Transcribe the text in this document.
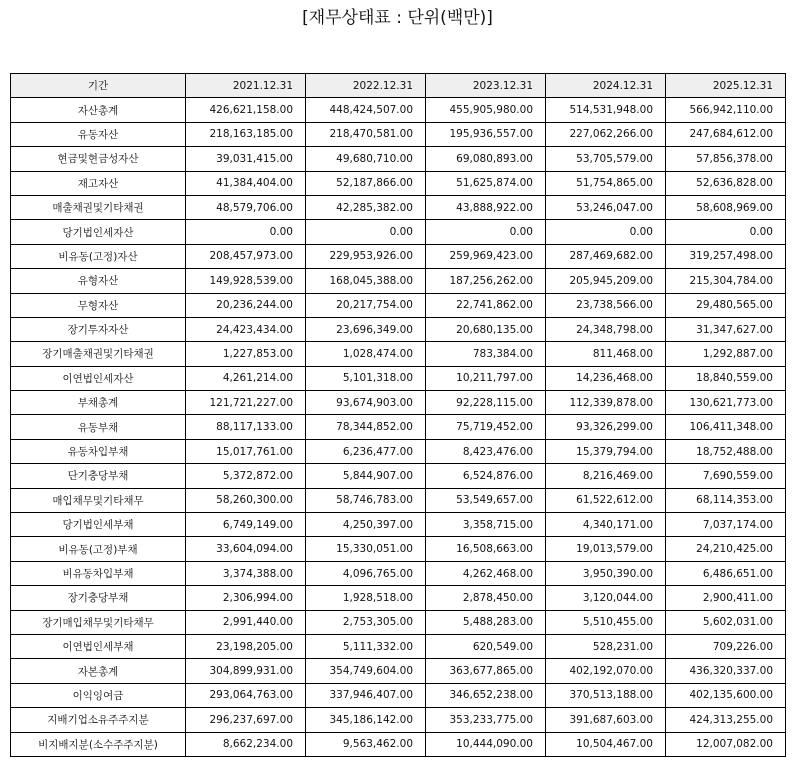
[재무상태표 : 단위(백만)]
기간	2021.12.31	2022.12.31	2023.12.31	2024.12.31	2025.12.31
자산총계	426,621,158.00	448,424,507.00	455,905,980.00	514,531,948.00	566,942,110.00
유동자산	218,163,185.00	218,470,581.00	195,936,557.00	227,062,266.00	247,684,612.00
현금및현금성자산	39,031,415.00	49,680,710.00	69,080,893.00	53,705,579.00	57,856,378.00
재고자산	41,384,404.00	52,187,866.00	51,625,874.00	51,754,865.00	52,636,828.00
매출채권및기타채권	48,579,706.00	42,285,382.00	43,888,922.00	53,246,047.00	58,608,969.00
당기법인세자산	0.00	0.00	0.00	0.00	0.00
비유동(고정)자산	208,457,973.00	229,953,926.00	259,969,423.00	287,469,682.00	319,257,498.00
유형자산	149,928,539.00	168,045,388.00	187,256,262.00	205,945,209.00	215,304,784.00
무형자산	20,236,244.00	20,217,754.00	22,741,862.00	23,738,566.00	29,480,565.00
장기투자자산	24,423,434.00	23,696,349.00	20,680,135.00	24,348,798.00	31,347,627.00
장기매출채권및기타채권	1,227,853.00	1,028,474.00	783,384.00	811,468.00	1,292,887.00
이연법인세자산	4,261,214.00	5,101,318.00	10,211,797.00	14,236,468.00	18,840,559.00
부채총계	121,721,227.00	93,674,903.00	92,228,115.00	112,339,878.00	130,621,773.00
유동부채	88,117,133.00	78,344,852.00	75,719,452.00	93,326,299.00	106,411,348.00
유동차입부채	15,017,761.00	6,236,477.00	8,423,476.00	15,379,794.00	18,752,488.00
단기충당부채	5,372,872.00	5,844,907.00	6,524,876.00	8,216,469.00	7,690,559.00
매입채무및기타채무	58,260,300.00	58,746,783.00	53,549,657.00	61,522,612.00	68,114,353.00
당기법인세부채	6,749,149.00	4,250,397.00	3,358,715.00	4,340,171.00	7,037,174.00
비유동(고정)부채	33,604,094.00	15,330,051.00	16,508,663.00	19,013,579.00	24,210,425.00
비유동차입부채	3,374,388.00	4,096,765.00	4,262,468.00	3,950,390.00	6,486,651.00
장기충당부채	2,306,994.00	1,928,518.00	2,878,450.00	3,120,044.00	2,900,411.00
장기매입채무및기타채무	2,991,440.00	2,753,305.00	5,488,283.00	5,510,455.00	5,602,031.00
이연법인세부채	23,198,205.00	5,111,332.00	620,549.00	528,231.00	709,226.00
자본총계	304,899,931.00	354,749,604.00	363,677,865.00	402,192,070.00	436,320,337.00
이익잉여금	293,064,763.00	337,946,407.00	346,652,238.00	370,513,188.00	402,135,600.00
지배기업소유주주지분	296,237,697.00	345,186,142.00	353,233,775.00	391,687,603.00	424,313,255.00
비지배지분(소수주주지분)	8,662,234.00	9,563,462.00	10,444,090.00	10,504,467.00	12,007,082.00
